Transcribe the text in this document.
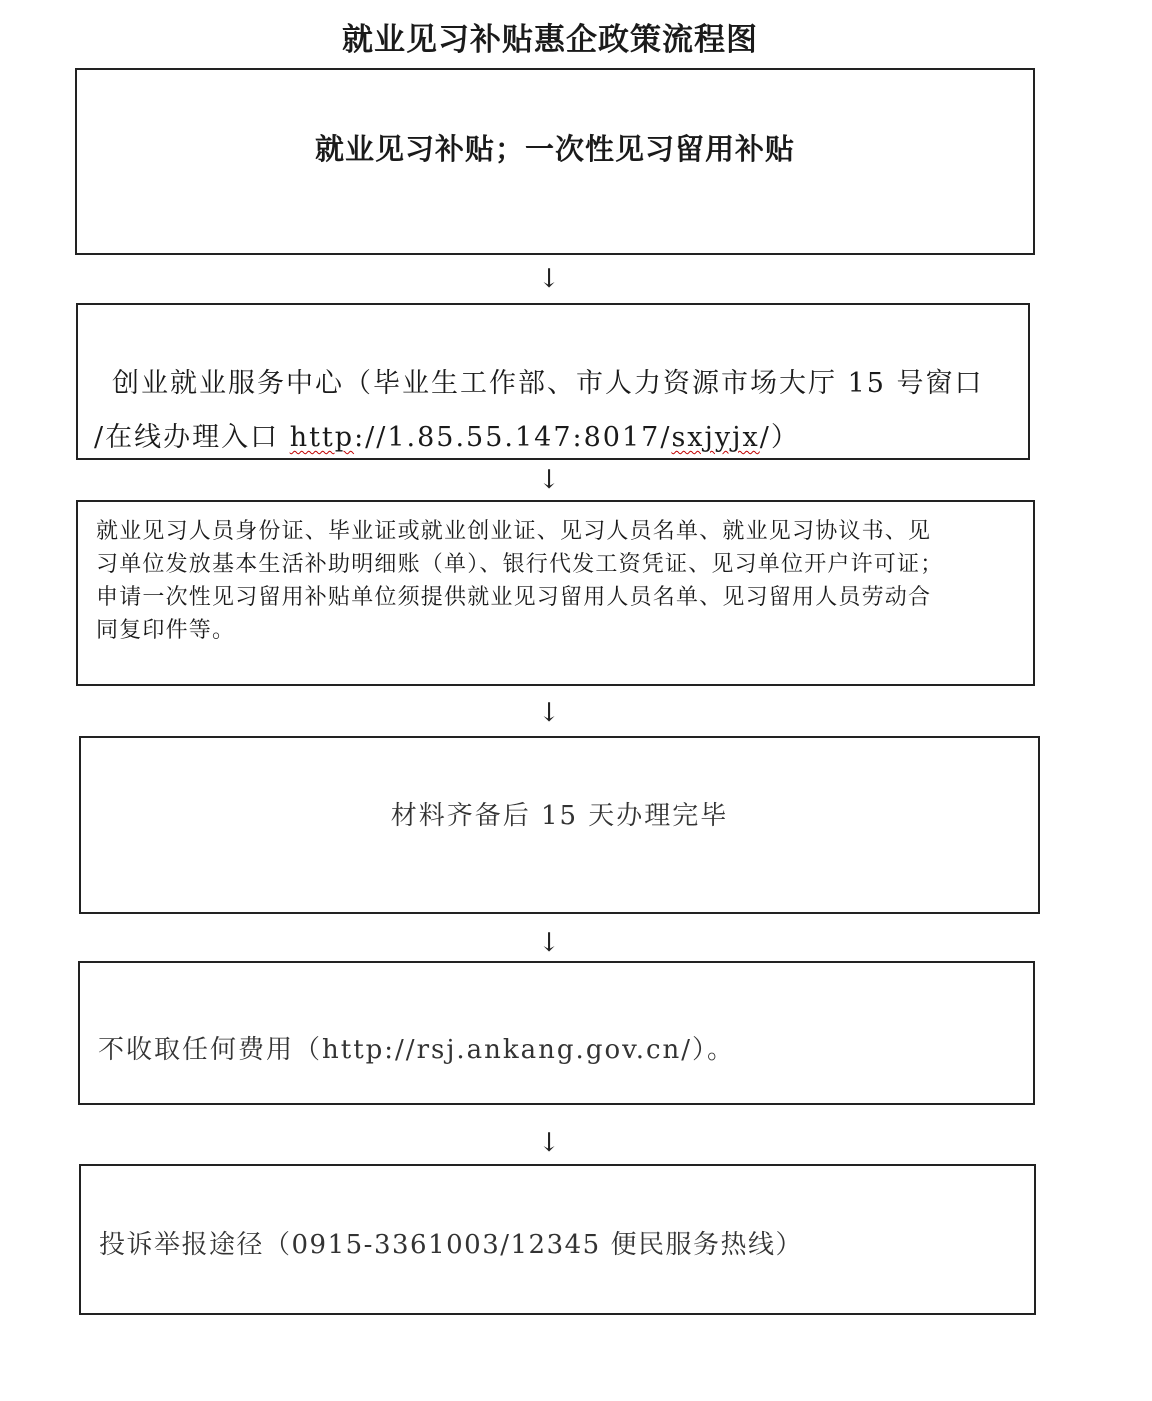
就业见习补贴惠企政策流程图
就业见习补贴；一次性见习留用补贴
↓
创业就业服务中心（毕业生工作部、市人力资源市场大厅 15 号窗口
/在线办理入口 http://1.85.55.147:8017/sxjyjx/）
↓
就业见习人员身份证、毕业证或就业创业证、见习人员名单、就业见习协议书、见
习单位发放基本生活补助明细账（单）、银行代发工资凭证、见习单位开户许可证；
申请一次性见习留用补贴单位须提供就业见习留用人员名单、见习留用人员劳动合
同复印件等。
↓
材料齐备后 15 天办理完毕
↓
不收取任何费用（http://rsj.ankang.gov.cn/）。
↓
投诉举报途径（0915-3361003/12345 便民服务热线）
